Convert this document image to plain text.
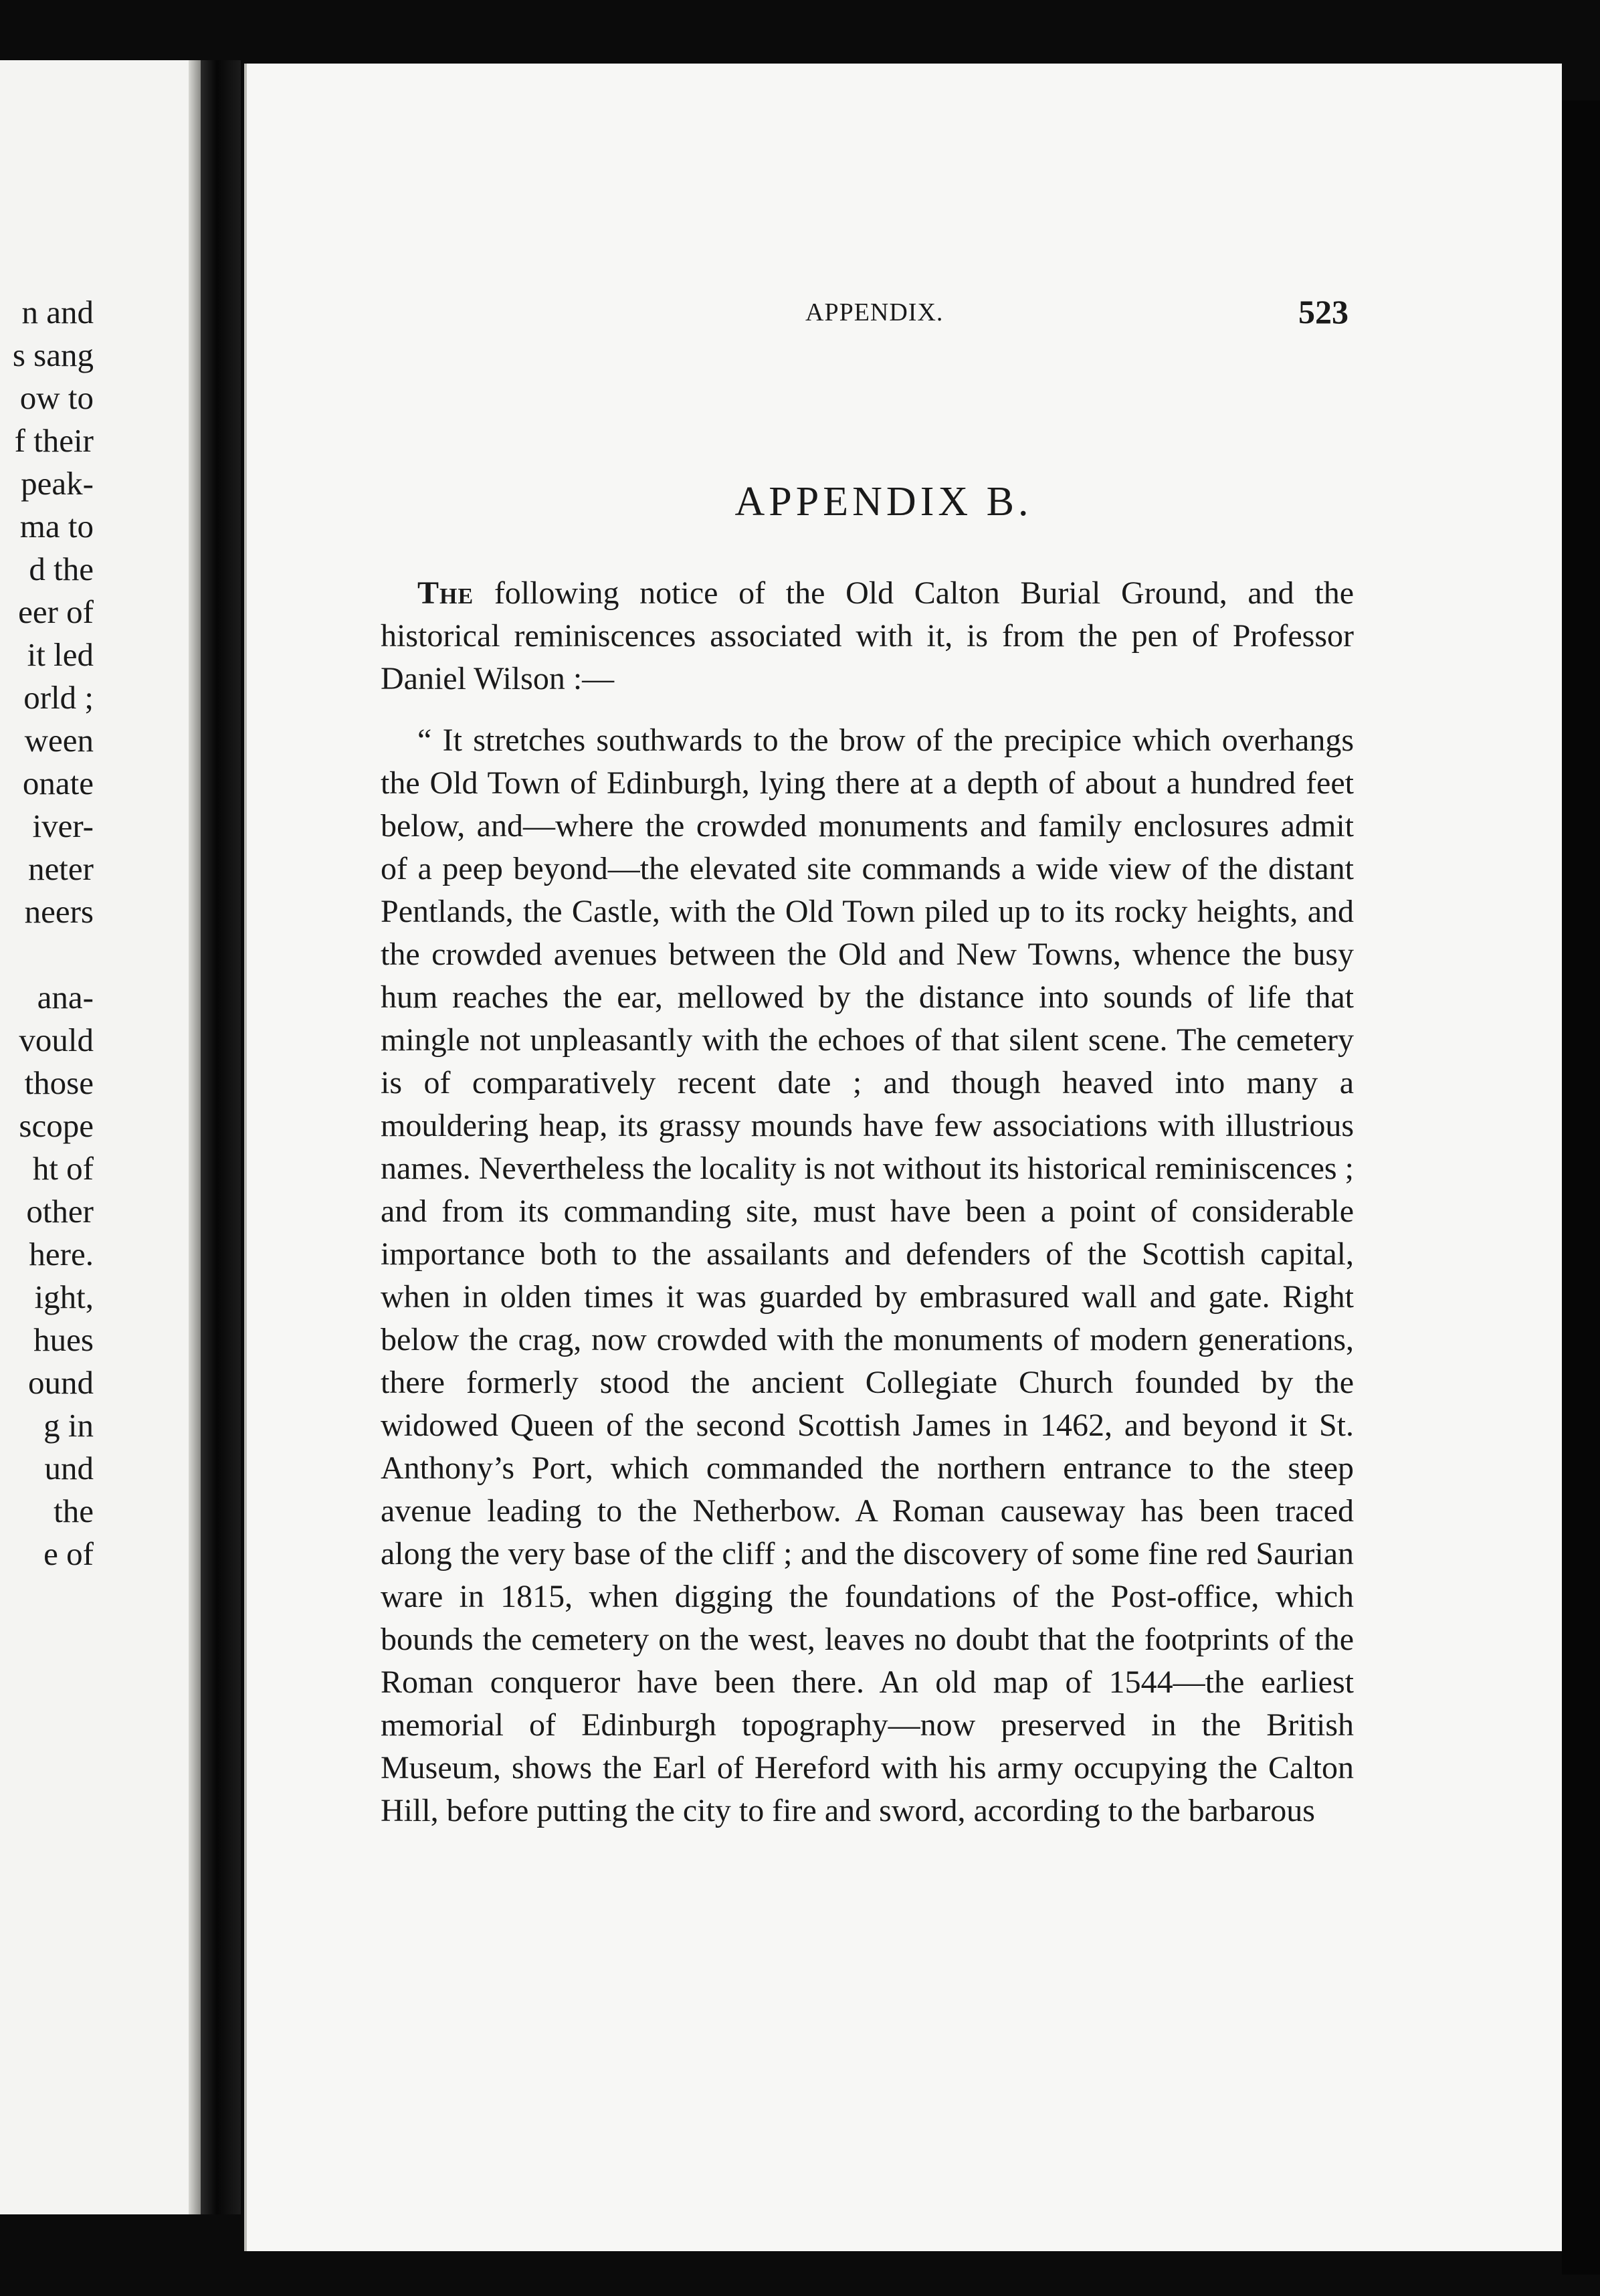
n and
s sang
ow to
f their
peak-
ma to
d the
eer of
it led
orld ;
ween
onate
iver-
neter
neers
ana-
vould
those
scope
ht of
other
here.
ight,
hues
ound
g in
und
the
e of
APPENDIX.	523
APPENDIX B.

The following notice of the Old Calton Burial Ground, and the historical reminiscences associated with it, is from the pen of Professor Daniel Wilson :—

“ It stretches southwards to the brow of the precipice which overhangs the Old Town of Edinburgh, lying there at a depth of about a hundred feet below, and—where the crowded monuments and family enclosures admit of a peep beyond—the elevated site commands a wide view of the distant Pentlands, the Castle, with the Old Town piled up to its rocky heights, and the crowded avenues between the Old and New Towns, whence the busy hum reaches the ear, mellowed by the distance into sounds of life that mingle not unpleasantly with the echoes of that silent scene. The cemetery is of comparatively recent date ; and though heaved into many a mouldering heap, its grassy mounds have few associations with illustrious names. Nevertheless the locality is not without its historical reminiscences ; and from its commanding site, must have been a point of considerable importance both to the assailants and defenders of the Scottish capital, when in olden times it was guarded by embrasured wall and gate. Right below the crag, now crowded with the monuments of modern generations, there formerly stood the ancient Collegiate Church founded by the widowed Queen of the second Scottish James in 1462, and beyond it St. Anthony’s Port, which commanded the northern entrance to the steep avenue leading to the Netherbow. A Roman causeway has been traced along the very base of the cliff ; and the discovery of some fine red Saurian ware in 1815, when digging the foundations of the Post-office, which bounds the cemetery on the west, leaves no doubt that the footprints of the Roman conqueror have been there. An old map of 1544—the earliest memorial of Edinburgh topography—now preserved in the British Museum, shows the Earl of Hereford with his army occupying the Calton Hill, before putting the city to fire and sword, according to the barbarous
